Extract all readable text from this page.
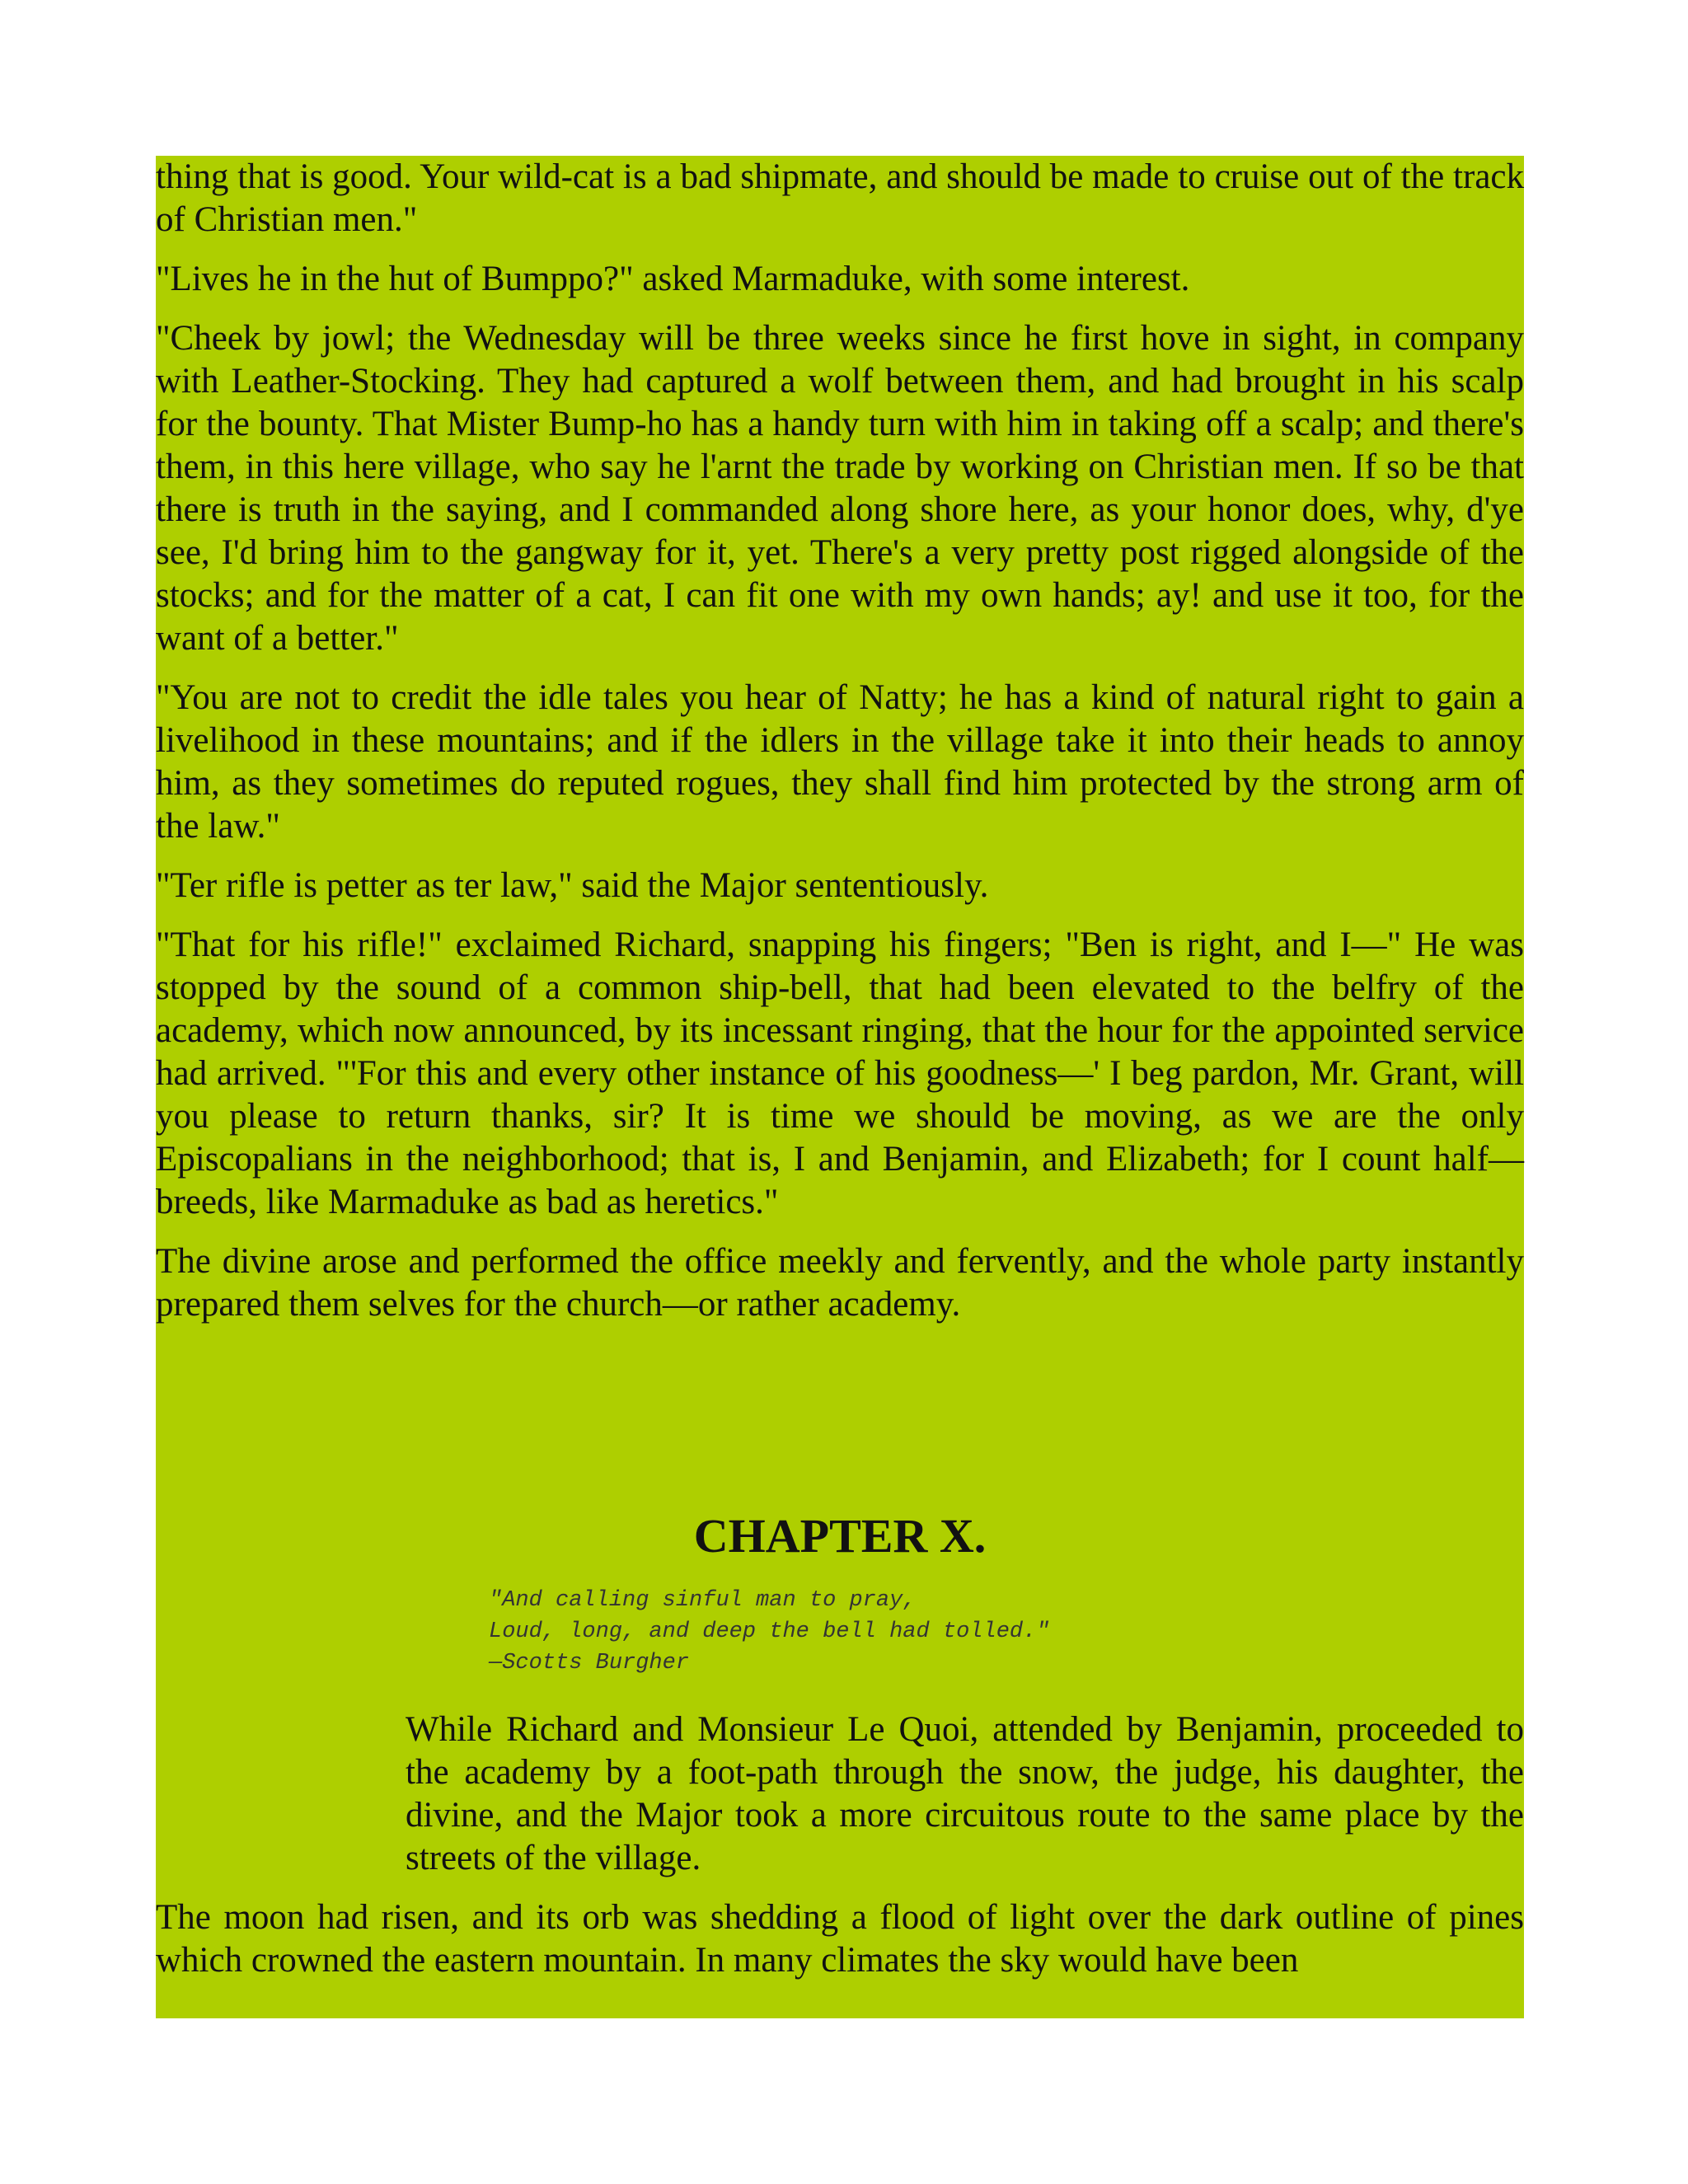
thing that is good. Your wild-cat is a bad shipmate, and should be made to cruise out of the track of Christian men."

"Lives he in the hut of Bumppo?" asked Marmaduke, with some interest.

"Cheek by jowl; the Wednesday will be three weeks since he first hove in sight, in company with Leather-Stocking. They had captured a wolf between them, and had brought in his scalp for the bounty. That Mister Bump-ho has a handy turn with him in taking off a scalp; and there's them, in this here village, who say he l'arnt the trade by working on Christian men. If so be that there is truth in the saying, and I commanded along shore here, as your honor does, why, d'ye see, I'd bring him to the gangway for it, yet. There's a very pretty post rigged alongside of the stocks; and for the matter of a cat, I can fit one with my own hands; ay! and use it too, for the want of a better."

"You are not to credit the idle tales you hear of Natty; he has a kind of natural right to gain a livelihood in these mountains; and if the idlers in the village take it into their heads to annoy him, as they sometimes do reputed rogues, they shall find him protected by the strong arm of the law."

"Ter rifle is petter as ter law," said the Major sententiously.

"That for his rifle!" exclaimed Richard, snapping his fingers; "Ben is right, and I—" He was stopped by the sound of a common ship-bell, that had been elevated to the belfry of the academy, which now announced, by its incessant ringing, that the hour for the appointed service had arrived. "'For this and every other instance of his goodness—' I beg pardon, Mr. Grant, will you please to return thanks, sir? It is time we should be moving, as we are the only Episcopalians in the neighborhood; that is, I and Benjamin, and Elizabeth; for I count half—breeds, like Marmaduke as bad as heretics."

The divine arose and performed the office meekly and fervently, and the whole party instantly prepared them selves for the church—or rather academy.

CHAPTER X.
"And calling sinful man to pray,
Loud, long, and deep the bell had tolled."
—Scotts Burgher

While Richard and Monsieur Le Quoi, attended by Benjamin, proceeded to the academy by a foot-path through the snow, the judge, his daughter, the divine, and the Major took a more circuitous route to the same place by the streets of the village.

The moon had risen, and its orb was shedding a flood of light over the dark outline of pines which crowned the eastern mountain. In many climates the sky would have been
